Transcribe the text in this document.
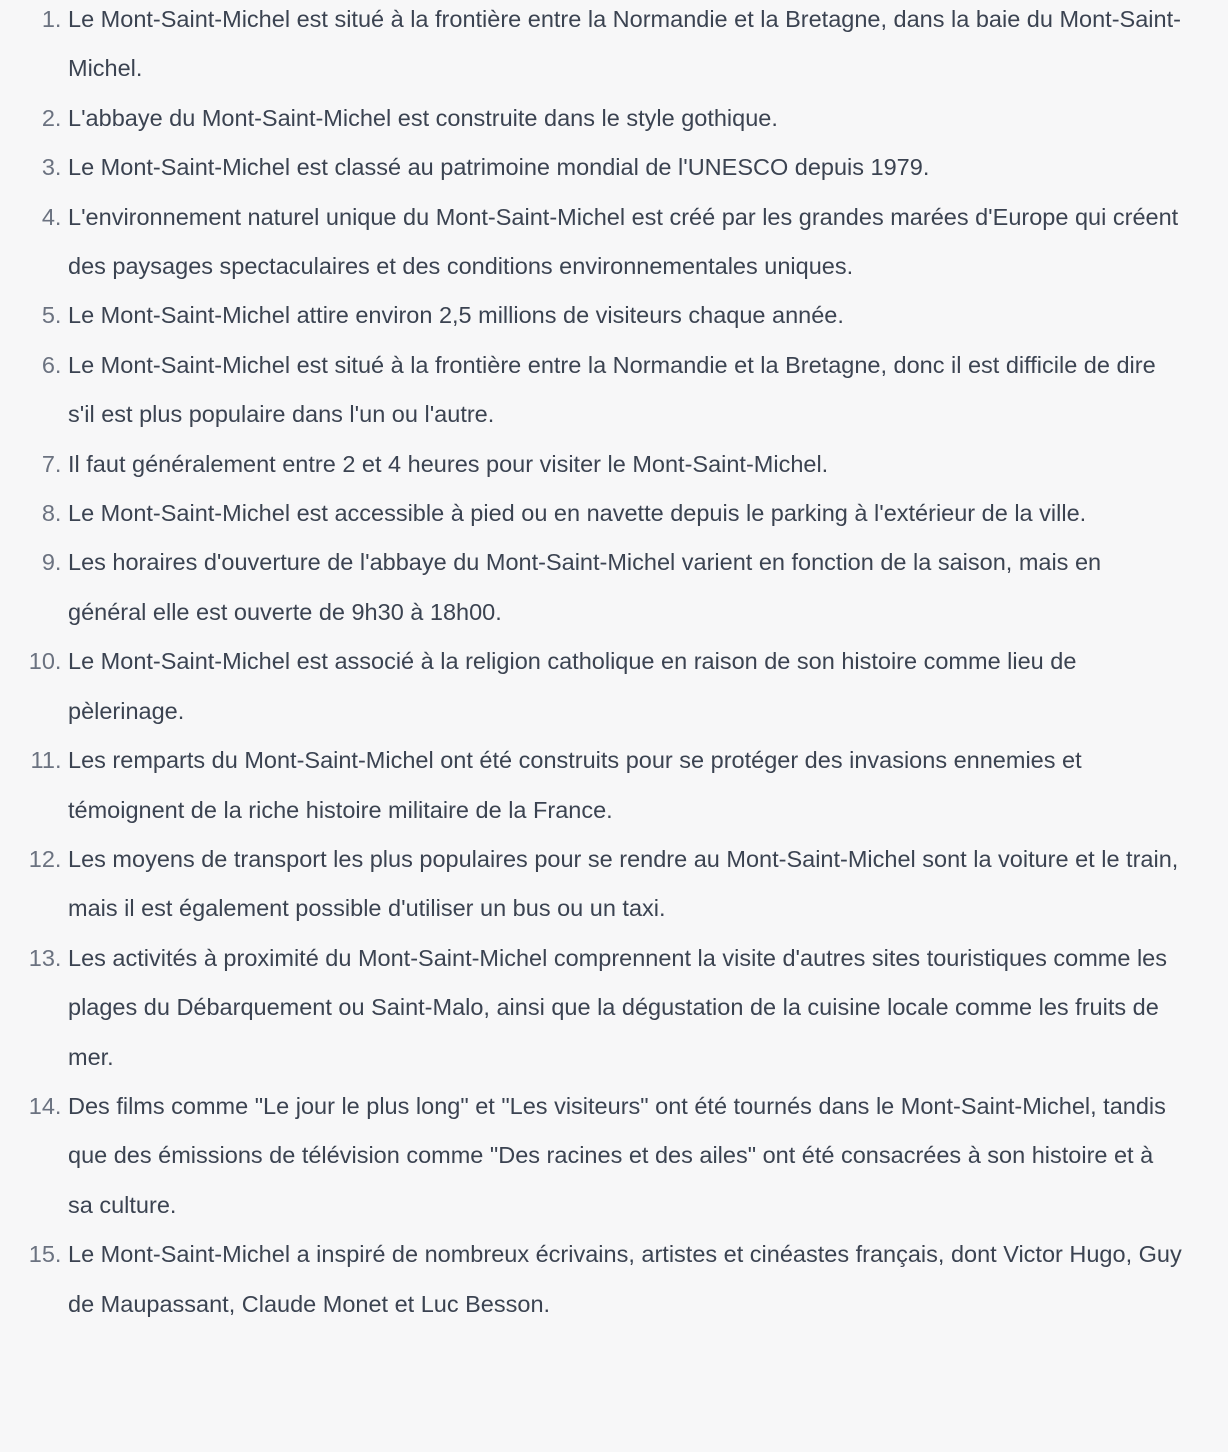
1. Le Mont-Saint-Michel est situé à la frontière entre la Normandie et la Bretagne, dans la baie du Mont-Saint-Michel.
2. L'abbaye du Mont-Saint-Michel est construite dans le style gothique.
3. Le Mont-Saint-Michel est classé au patrimoine mondial de l'UNESCO depuis 1979.
4. L'environnement naturel unique du Mont-Saint-Michel est créé par les grandes marées d'Europe qui créent des paysages spectaculaires et des conditions environnementales uniques.
5. Le Mont-Saint-Michel attire environ 2,5 millions de visiteurs chaque année.
6. Le Mont-Saint-Michel est situé à la frontière entre la Normandie et la Bretagne, donc il est difficile de dire s'il est plus populaire dans l'un ou l'autre.
7. Il faut généralement entre 2 et 4 heures pour visiter le Mont-Saint-Michel.
8. Le Mont-Saint-Michel est accessible à pied ou en navette depuis le parking à l'extérieur de la ville.
9. Les horaires d'ouverture de l'abbaye du Mont-Saint-Michel varient en fonction de la saison, mais en général elle est ouverte de 9h30 à 18h00.
10. Le Mont-Saint-Michel est associé à la religion catholique en raison de son histoire comme lieu de pèlerinage.
11. Les remparts du Mont-Saint-Michel ont été construits pour se protéger des invasions ennemies et témoignent de la riche histoire militaire de la France.
12. Les moyens de transport les plus populaires pour se rendre au Mont-Saint-Michel sont la voiture et le train, mais il est également possible d'utiliser un bus ou un taxi.
13. Les activités à proximité du Mont-Saint-Michel comprennent la visite d'autres sites touristiques comme les plages du Débarquement ou Saint-Malo, ainsi que la dégustation de la cuisine locale comme les fruits de mer.
14. Des films comme "Le jour le plus long" et "Les visiteurs" ont été tournés dans le Mont-Saint-Michel, tandis que des émissions de télévision comme "Des racines et des ailes" ont été consacrées à son histoire et à sa culture.
15. Le Mont-Saint-Michel a inspiré de nombreux écrivains, artistes et cinéastes français, dont Victor Hugo, Guy de Maupassant, Claude Monet et Luc Besson.
